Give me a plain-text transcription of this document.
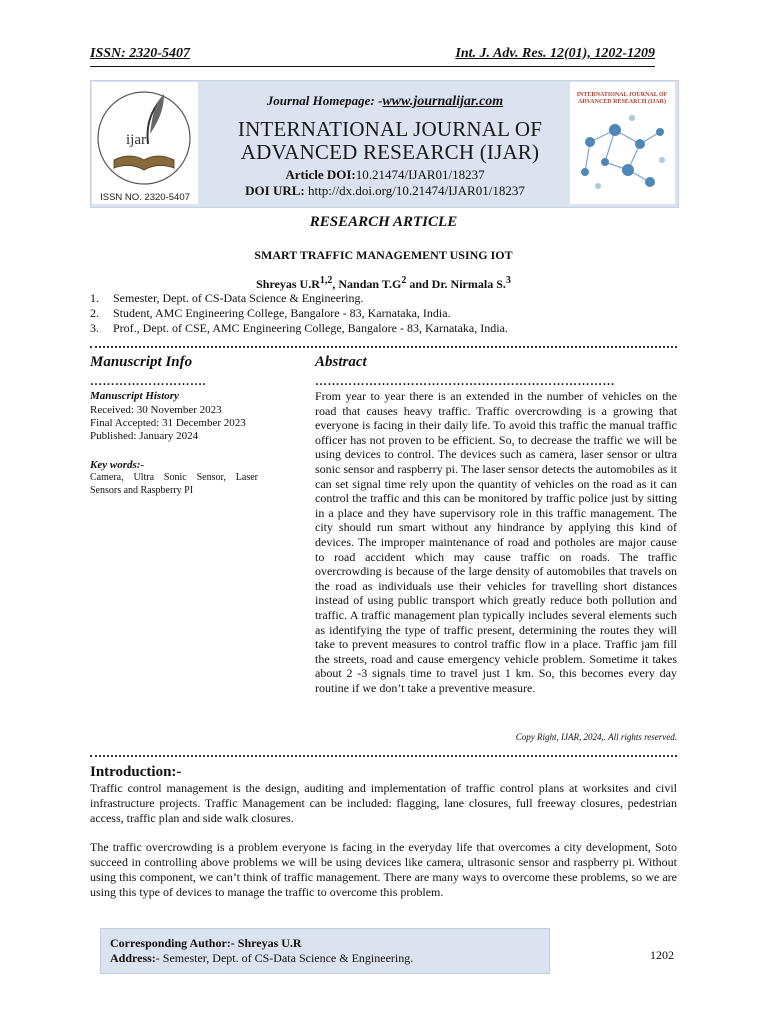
ISSN: 2320-5407	Int. J. Adv. Res. 12(01), 1202-1209
ijar
ISSN NO. 2320-5407
Journal Homepage: -www.journalijar.com
INTERNATIONAL JOURNAL OF
ADVANCED RESEARCH (IJAR)
Article DOI:10.21474/IJAR01/18237
DOI URL: http://dx.doi.org/10.21474/IJAR01/18237
INTERNATIONAL JOURNAL OF
ADVANCED RESEARCH (IJAR)
RESEARCH ARTICLE
SMART TRAFFIC MANAGEMENT USING IOT
Shreyas $U.R^{1,2}$, Nandan $T.G^2$ and Dr. Nirmala S.$^3$
1. Semester, Dept. of CS-Data Science & Engineering.
2. Student, AMC Engineering College, Bangalore - 83, Karnataka, India.
3. Prof., Dept. of CSE, AMC Engineering College, Bangalore - 83, Karnataka, India.
Manuscript Info
……………………….
Manuscript History
Received: 30 November 2023
Final Accepted: 31 December 2023
Published: January 2024
Key words:-
Camera, Ultra Sonic Sensor, Laser Sensors and Raspberry PI
Abstract
………………………………………………………………
From year to year there is an extended in the number of vehicles on the road that causes heavy traffic. Traffic overcrowding is a growing that everyone is facing in their daily life. To avoid this traffic the manual traffic officer has not proven to be efficient. So, to decrease the traffic we will be using devices to control. The devices such as camera, laser sensor or ultra sonic sensor and raspberry pi. The laser sensor detects the automobiles as it can set signal time rely upon the quantity of vehicles on the road as it can control the traffic and this can be monitored by traffic police just by sitting in a place and they have supervisory role in this traffic management. The city should run smart without any hindrance by applying this kind of devices. The improper maintenance of road and potholes are major cause to road accident which may cause traffic on roads. The traffic overcrowding is because of the large density of automobiles that travels on the road as individuals use their vehicles for travelling short distances instead of using public transport which greatly reduce both pollution and traffic. A traffic management plan typically includes several elements such as identifying the type of traffic present, determining the routes they will take to prevent measures to control traffic flow in a place. Traffic jam fill the streets, road and cause emergency vehicle problem. Sometime it takes about 2 -3 signals time to travel just 1 km. So, this becomes every day routine if we don’t take a preventive measure.
Copy Right, IJAR, 2024,. All rights reserved.
Introduction:-
Traffic control management is the design, auditing and implementation of traffic control plans at worksites and civil infrastructure projects. Traffic Management can be included: flagging, lane closures, full freeway closures, pedestrian access, traffic plan and side walk closures.
The traffic overcrowding is a problem everyone is facing in the everyday life that overcomes a city development, Soto succeed in controlling above problems we will be using devices like camera, ultrasonic sensor and raspberry pi. Without using this component, we can’t think of traffic management. There are many ways to overcome these problems, so we are using this type of devices to manage the traffic to overcome this problem.
Corresponding Author:- Shreyas U.R
Address:- Semester, Dept. of CS-Data Science & Engineering.	1202
